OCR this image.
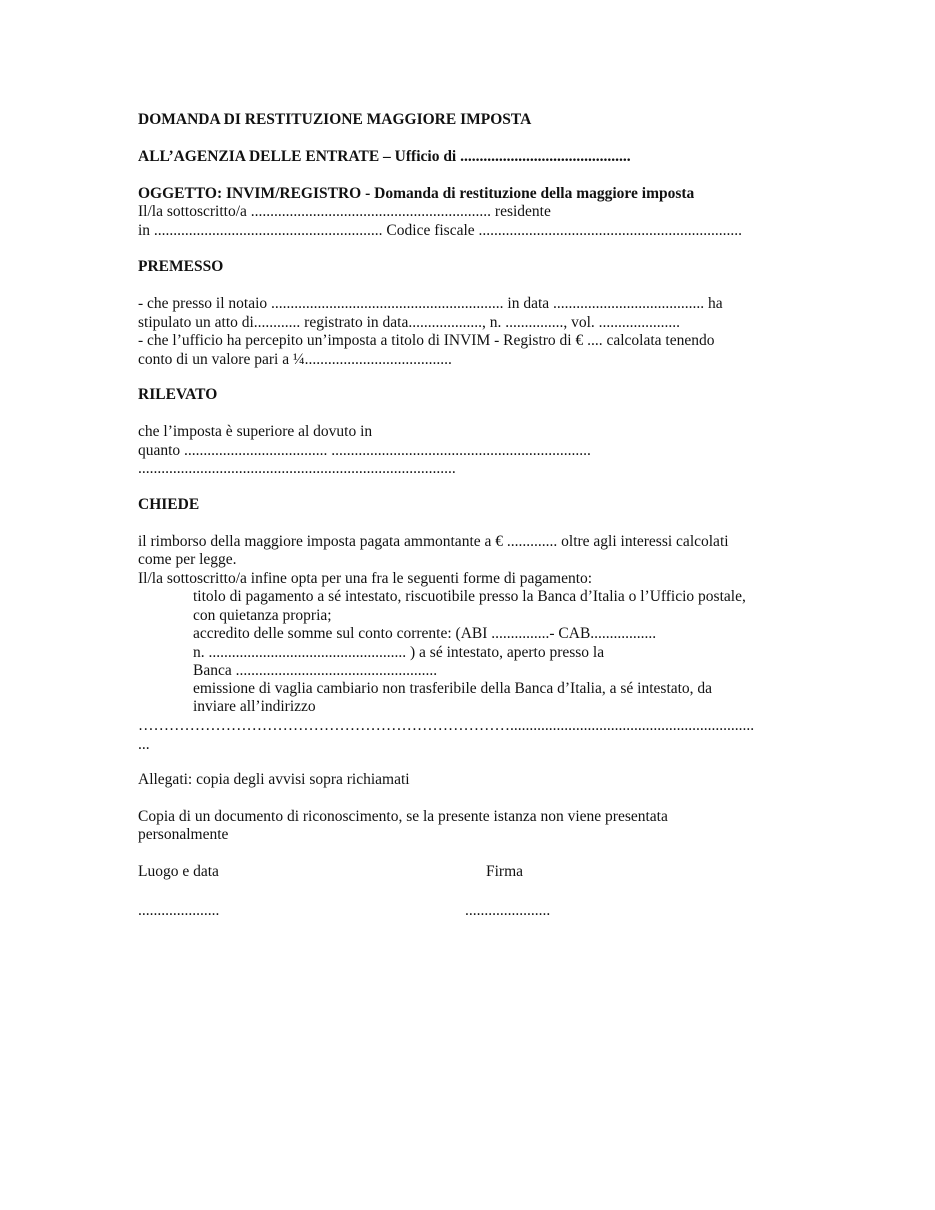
DOMANDA DI RESTITUZIONE MAGGIORE IMPOSTA
ALL’AGENZIA DELLE ENTRATE – Ufficio di ............................................
OGGETTO: INVIM/REGISTRO - Domanda di restituzione della maggiore imposta
Il/la sottoscritto/a .............................................................. residente
in ........................................................... Codice fiscale ....................................................................
PREMESSO
- che presso il notaio ............................................................ in data ....................................... ha
stipulato un atto di............ registrato in data..................., n. ..............., vol. .....................
- che l’ufficio ha percepito un’imposta a titolo di INVIM - Registro di € .... calcolata tenendo
conto di un valore pari a ¼......................................
RILEVATO
che l’imposta è superiore al dovuto in
quanto ..................................... ...................................................................
..................................................................................
CHIEDE
il rimborso della maggiore imposta pagata ammontante a € ............. oltre agli interessi calcolati
come per legge.
Il/la sottoscritto/a infine opta per una fra le seguenti forme di pagamento:
titolo di pagamento a sé intestato, riscuotibile presso la Banca d’Italia o l’Ufficio postale,
con quietanza propria;
accredito delle somme sul conto corrente: (ABI ...............- CAB.................
n. ................................................... ) a sé intestato, aperto presso la
Banca ....................................................
emissione di vaglia cambiario non trasferibile della Banca d’Italia, a sé intestato, da
inviare all’indirizzo
………………………………………………………………...............................................................
...
Allegati: copia degli avvisi sopra richiamati
Copia di un documento di riconoscimento, se la presente istanza non viene presentata
personalmente
Luogo e data	Firma
.....................	......................
